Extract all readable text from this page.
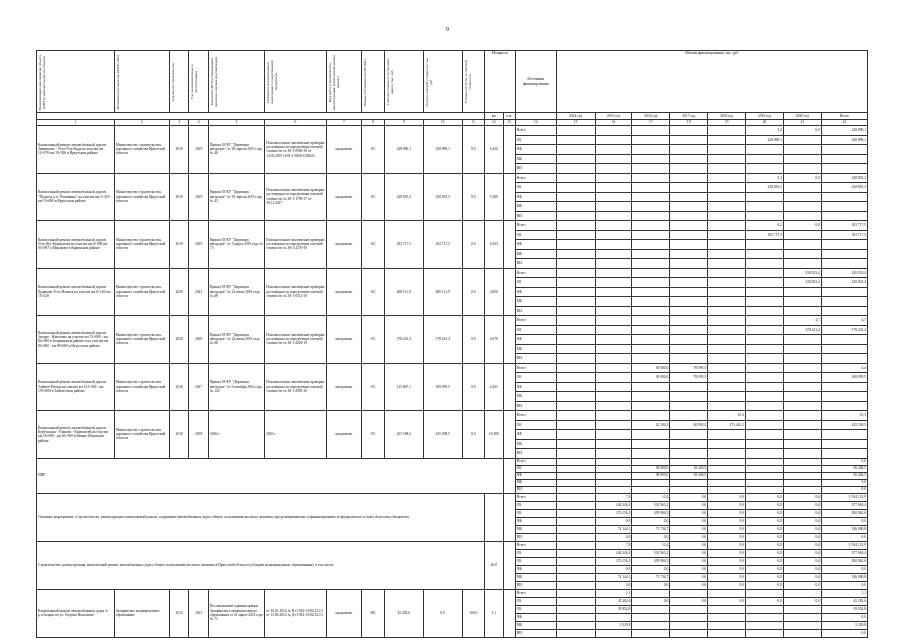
9
Наименование мероприятия, объекта (ППТ (в районе/городе) на объекте)	Исполнитель (заказчик, ИОГВ, МО)	Год начала строительства	Год окончания (ввода в эксплуатацию)	Реквизиты ПСД (утвержденная проектно-сметная документация)	Реквизиты положительного заключения государственной экспертизы	Вид работ (строительство, реконструкция, капитальный ремонт, ремонт)	Форма собственности (ОС/МС)	Сметная стоимость (в текущих ценах), тыс. руб.	Остаток сметной стоимости, тыс. руб.	Готовность (в %) от сметной стоимости	Мощность		Источники финансирования	Объемы финансирования, тыс. руб.							
											км	п.м.		2014 год	2015 год	2016 год	2017 год	2018 год	2019 год	2020 год	Всего
1	2	3	4	5	6	7	8	9	10	11	12	13	14	15	16	17	18	19	20	21	22
Капитальный ремонт автомобильной дороги Зиминские - Ухта-Усть-Куда на участке км 12+970-км 19+306 в Иркутском районе	Министерство строительства, дорожного хозяйства Иркутской области	2019	2019	Приказ ОГКУ "Дирекция автодорог" от 29 апреля 2019 года № 46	Положительное заключение проверки достоверности определения сметной стоимости № 38-1-0000-19 от 12.03.2019 №38-1-0000-19/0023	кап.ремонт	ОС	228 890,1	228 890,1	0,0	5,432		Всего						5,4	0,0	228 890,1
													ОБ						228 890,1		228 890,1
													ФБ								
													МБ								
													ВИ								
Капитальный ремонт автомобильной дороги "Подъезд к п. Плишкино" на участке км 5+419-км 10+660 в Иркутском районе	Министерство строительства, дорожного хозяйства Иркутской области	2019	2019	Приказ ОГКУ "Дирекция автодорог" от 19 апреля 2019 года № 43	Положительное заключение проверки достоверности определения сметной стоимости № 38-1-1799-17 от 30.12.2017	кап.ремонт	ОС	228 855,3	228 855,3	0,0	5,300		Всего						5,4	0,0	228 855,3
													ОБ						228 855,3		228 855,3
													ФБ								
													МБ								
													ВИ								
Капитальный ремонт автомобильной дороги Усть-Кут-Коршуново на участке км 0+000 км 03+907 п.Макарово в Киренском районе	Министерство строительства, дорожного хозяйства Иркутской области	2019	2019	Приказ ОГКУ "Дирекция автодорог" от 5 марта 2019 года № 73	Положительное заключение проверки достоверности определения сметной стоимости № 38-1-2270-19	кап.ремонт	ОС	182 717,5	182 717,5	0,0	6,253		Всего						6,2	0,0	182 717,5
													ОБ						182 717,5		182 717,5
													ФБ								
													МБ								
													ВИ								
Капитальный ремонт автомобильной дороги Худяково-Усть-Илимск на участке км 0+120-км 15+120	Министерство строительства, дорожного хозяйства Иркутской области	2020	2021	Приказ ОГКУ "Дирекция автодорог" от 24 июля 2019 года № 68	Положительное заключение проверки достоверности определения сметной стоимости № 38-1-0312-19	кап.ремонт	ОС	400 111,9	400 111,9	0,0	4,850		Всего							230 033,4	230 033,4
													ОБ							230 033,4	230 033,4
													ФБ								
													МБ								
													ВИ								
Капитальный ремонт автомобильной дороги Залари - Жигалово на участке км 74+000 - км 84+000 в Заларинском районе и на участке км 84+000 - км 89+000 в Нукутском районе	Министерство строительства, дорожного хозяйства Иркутской области	2020	2020	Приказ ОГКУ "Дирекция автодорог" от 24 июля 2019 года № 66	Положительное заключение проверки достоверности определения сметной стоимости № 38-1-2020-19	кап.ремонт	ОС	178 241,4	178 241,4	0,0	4,670		Всего							4,7	4,7
													ОБ							178 241,4	178 241,4
													ФБ								
													МБ								
													ВИ								
Капитальный ремонт автомобильной дороги Тайшет-Разгон на участке км 141+500 - км 159+800 в Тайшетском районе	Министерство строительства, дорожного хозяйства Иркутской области	2016	2017	Приказ ОГКУ "Дирекция автодорог" от 6 октября 2016 года № 124	Положительное заключение проверки достоверности определения сметной стоимости № 38-1-2085-16	кап.ремонт	ОС	113 867,1	109 095,5	0,0	4,431		Всего			30 000,0	78 095,5				4,4
													ОБ			30 000,0	78 095,5				108 095,5
													ФБ								
													МБ								
													ВИ								
Капитальный ремонт автомобильной дороги Куйтунская - Уланово - Кимильтей на участке км 53+000 - км 63+500 в Нижне-Илимском районе	Министерство строительства, дорожного хозяйства Иркутской области	2016	2018	2016 г.	2016 г.	кап.ремонт	ОС	435 508,5	435 508,5	0,0	10,300		Всего					10,3			10,3
													ОБ			22 194,3	40 903,2	372 441,1			435 538,5
													ФБ								
													МБ								
													ВИ								
ПИР													Всего								0,0
													ОБ			38 000,0	18 426,5				56 426,5
													ФБ			38 000,0	18 426,5				56 426,5
													МБ								0,0
													ВИ								0,0
Основное мероприятие «Строительство, реконструкция, капитальный ремонт, содержание автомобильных дорог общего пользования местного значения, предусматривающее софинансирование из федерального и (или) областного бюджетов»													Всего		7,8	12,4	0,0	0,0	0,0	0,0	1 934 123,9
													ОБ		444 340,2	532 963,2	0,0	0,0	0,0	0,0	977 963,4
													ОБ		370 156,1	459 906,5	0,0	0,0	0,0	0,0	830 062,6
													ФБ		0,0	0,0	0,0	0,0	0,0	0,0	0,0
													МБ		74 144,1	73 756,7	0,0	0,0	0,0	0,0	146 900,8
													ВИ		0,0	0,0	0,0	0,0	0,0	0,0	0,0
Строительство, реконструкция, капитальный ремонт автомобильных дорог общего пользования местного значения в Иркутской области (субсидии муниципальным образованиям), в том числе:											40,8		Всего		7,8	12,4	0,0	0,0	0,0	0,0	1 934 123,9
													ОБ		444 340,2	532 963,2	0,0	0,0	0,0	0,0	977 963,4
													ОБ		370 156,1	459 906,5	0,0	0,0	0,0	0,0	830 062,6
													ФБ		0,0	0,0	0,0	0,0	0,0	0,0	0,0
													МБ		74 144,1	73 756,7	0,0	0,0	0,0	0,0	146 900,8
													ВИ		0,0	0,0	0,0	0,0	0,0	0,0	0,0
Капитальный ремонт автомобильных дорог в р.п.Залари по ул. Георгия Васильева	Заларинское муниципальное образование	2015	2015	Постановление администрации Заларинского муниципального образования от 21 марта 2014 года № 71	от 30.01.2014 № Пз-1392-13/02/12.13 от 13.06.2014 № Дз-1392-13/02/12.13	кап.ремонт	МС	45 282,6	0,0	100,0	1,1		Всего		1,1						1,1
													ОБ		45 282,6	0,0	0,0	0,0	0,0	0,0	45 282,6
													ОБ		39 952,8						39 952,8
													ФБ								0,0
													МБ		5 329,8						5 329,8
													ВИ								0,0
